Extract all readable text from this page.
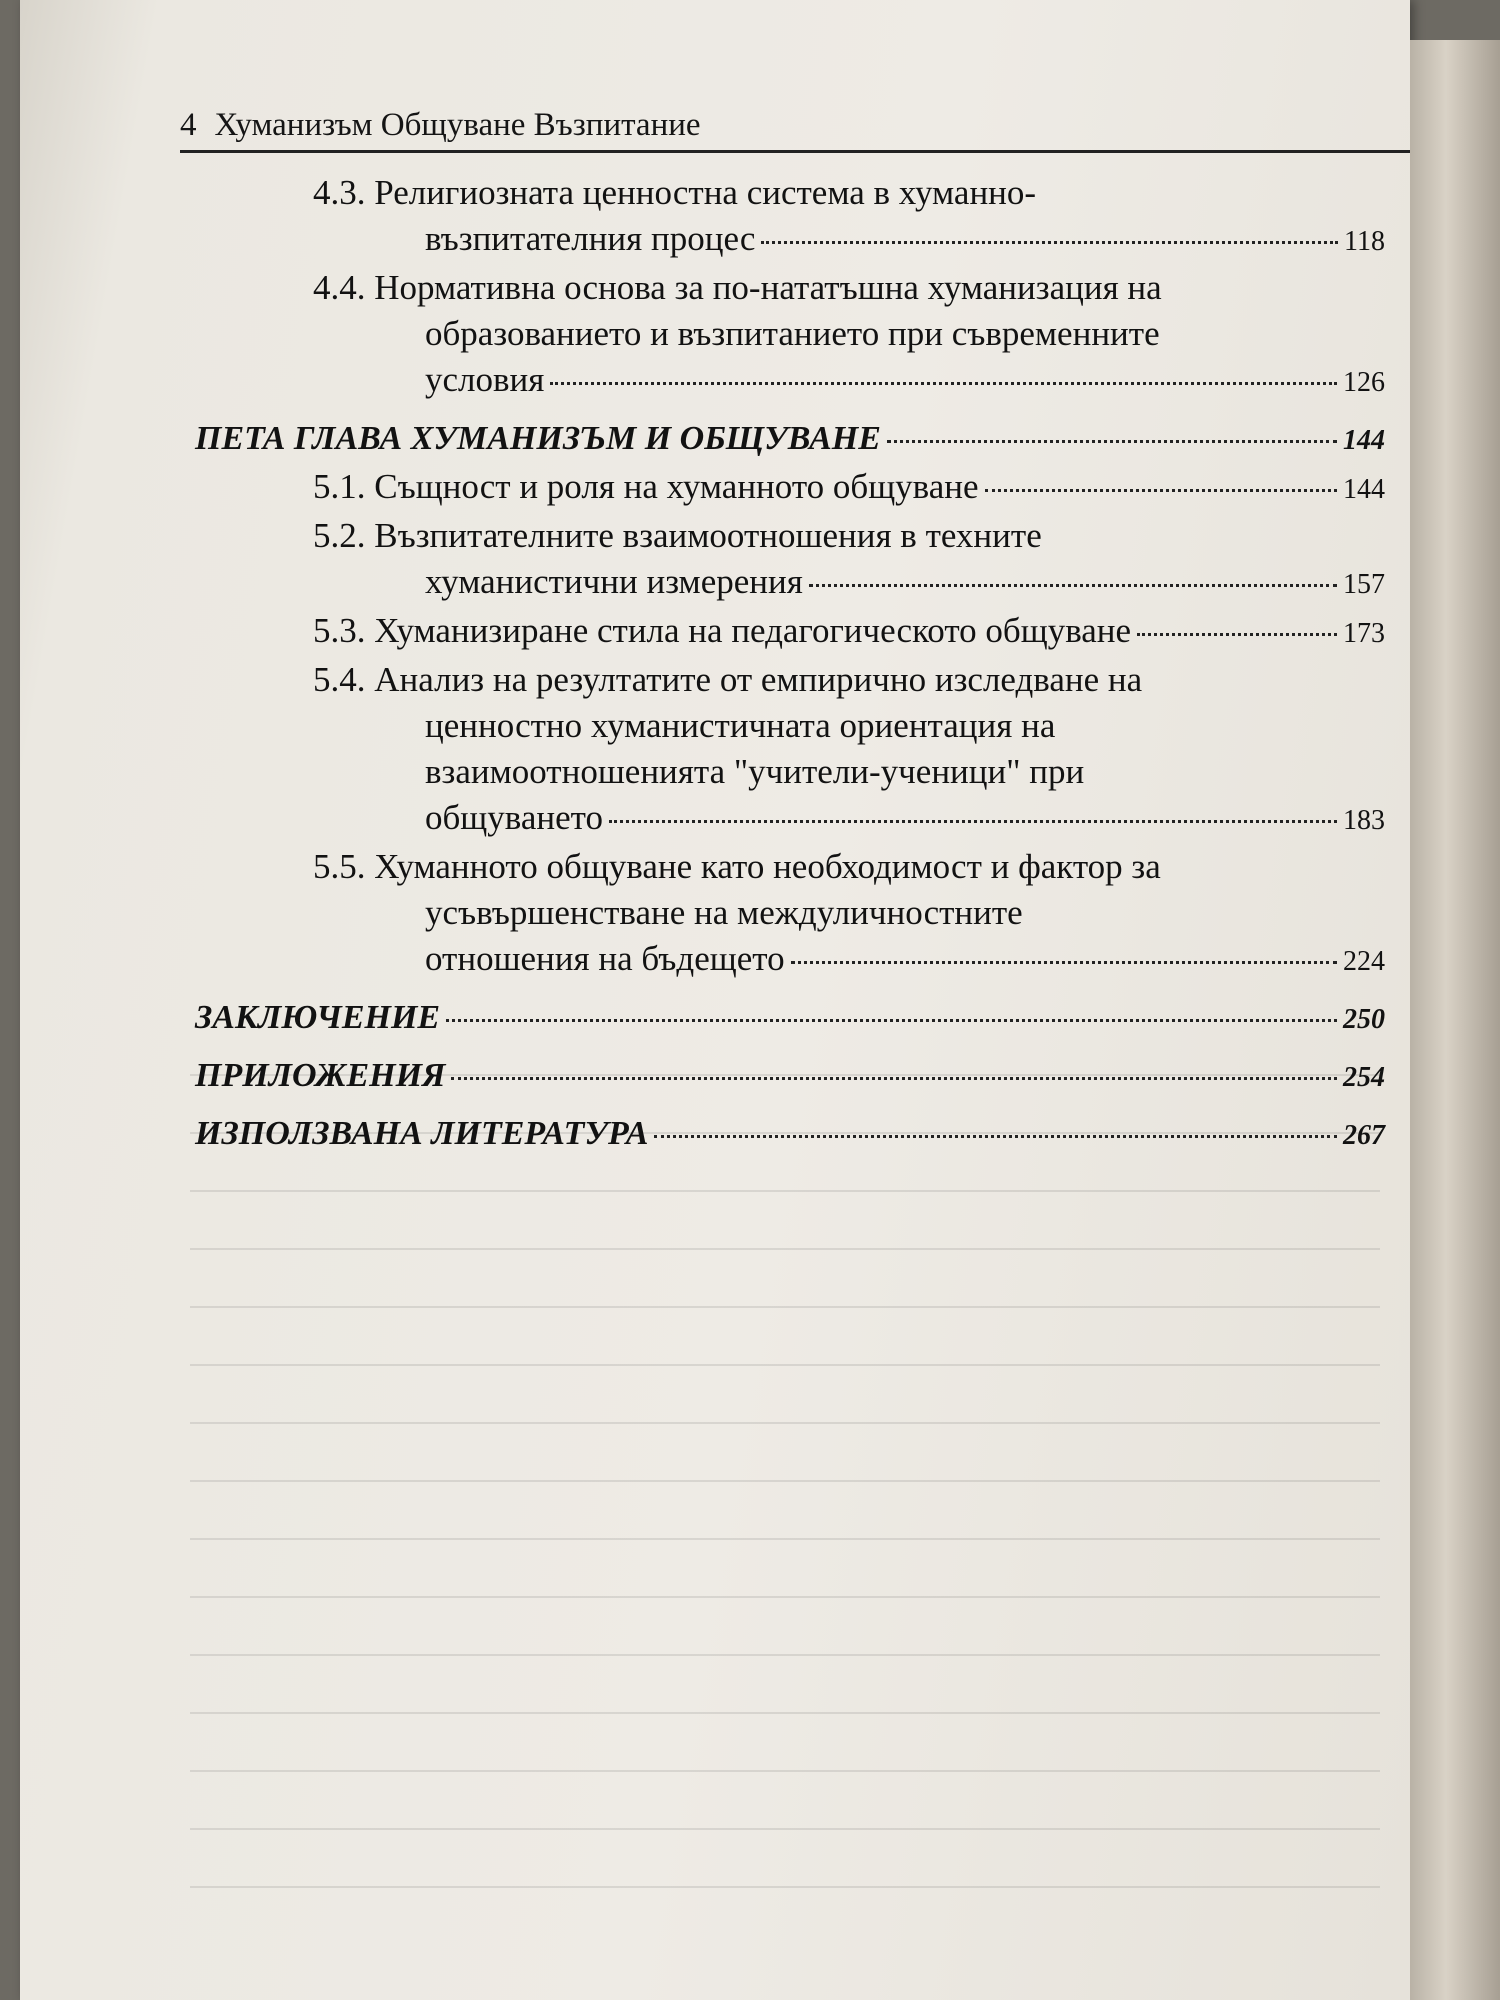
4 Хуманизъм Общуване Възпитание
4.3. Религиозната ценностна система в хуманно-
възпитателния процес	118
4.4. Нормативна основа за по-нататъшна хуманизация на
образованието и възпитанието при съвременните
условия	126
ПЕТА ГЛАВА ХУМАНИЗЪМ И ОБЩУВАНЕ	144
5.1. Същност и роля на хуманното общуване	144
5.2. Възпитателните взаимоотношения в техните
хуманистични измерения	157
5.3. Хуманизиране стила на педагогическото общуване	173
5.4. Анализ на резултатите от емпирично изследване на
ценностно хуманистичната ориентация на
взаимоотношенията "учители-ученици" при
общуването	183
5.5. Хуманното общуване като необходимост и фактор за
усъвършенстване на междуличностните
отношения на бъдещето	224
ЗАКЛЮЧЕНИЕ	250
ПРИЛОЖЕНИЯ	254
ИЗПОЛЗВАНА ЛИТЕРАТУРА	267
